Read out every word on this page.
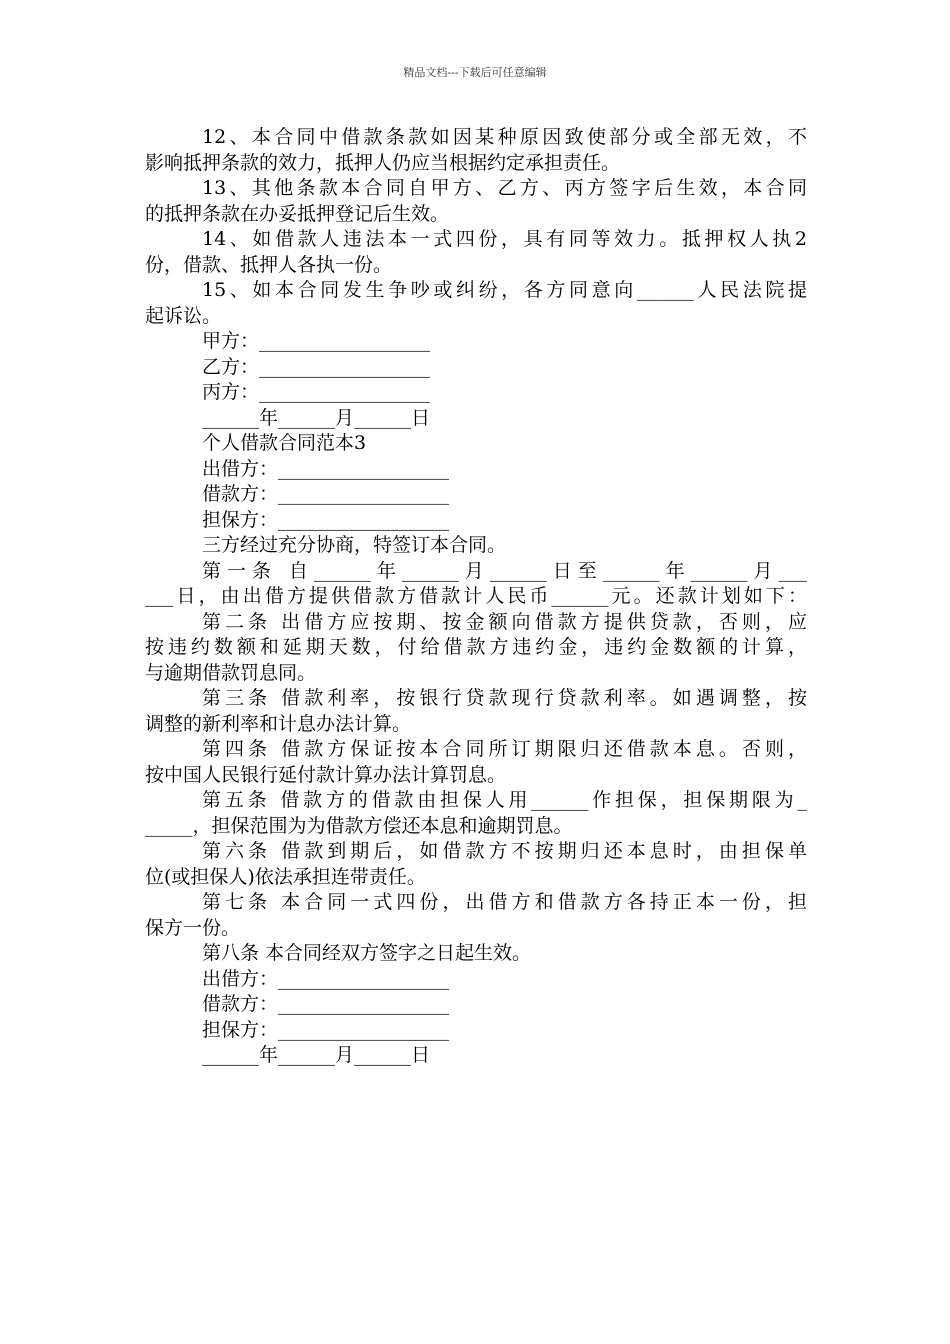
精品文档---下载后可任意编辑
12、本合同中借款条款如因某种原因致使部分或全部无效，不
影响抵押条款的效力，抵押人仍应当根据约定承担责任。
13、其他条款本合同自甲方、乙方、丙方签字后生效，本合同
的抵押条款在办妥抵押登记后生效。
14、如借款人违法本一式四份，具有同等效力。抵押权人执2
份，借款、抵押人各执一份。
15、如本合同发生争吵或纠纷，各方同意向______人民法院提
起诉讼。
甲方：__________________
乙方：__________________
丙方：__________________
______年______月______日
个人借款合同范本3
出借方：__________________
借款方：__________________
担保方：__________________
三方经过充分协商，特签订本合同。
第一条 自______年______月______日至______年______月___
___日，由出借方提供借款方借款计人民币______元。还款计划如下：
第二条 出借方应按期、按金额向借款方提供贷款，否则，应
按违约数额和延期天数，付给借款方违约金，违约金数额的计算，
与逾期借款罚息同。
第三条 借款利率，按银行贷款现行贷款利率。如遇调整，按
调整的新利率和计息办法计算。
第四条 借款方保证按本合同所订期限归还借款本息。否则，
按中国人民银行延付款计算办法计算罚息。
第五条 借款方的借款由担保人用______作担保，担保期限为_
_____，担保范围为为借款方偿还本息和逾期罚息。
第六条 借款到期后，如借款方不按期归还本息时，由担保单
位(或担保人)依法承担连带责任。
第七条 本合同一式四份，出借方和借款方各持正本一份，担
保方一份。
第八条 本合同经双方签字之日起生效。
出借方：__________________
借款方：__________________
担保方：__________________
______年______月______日
